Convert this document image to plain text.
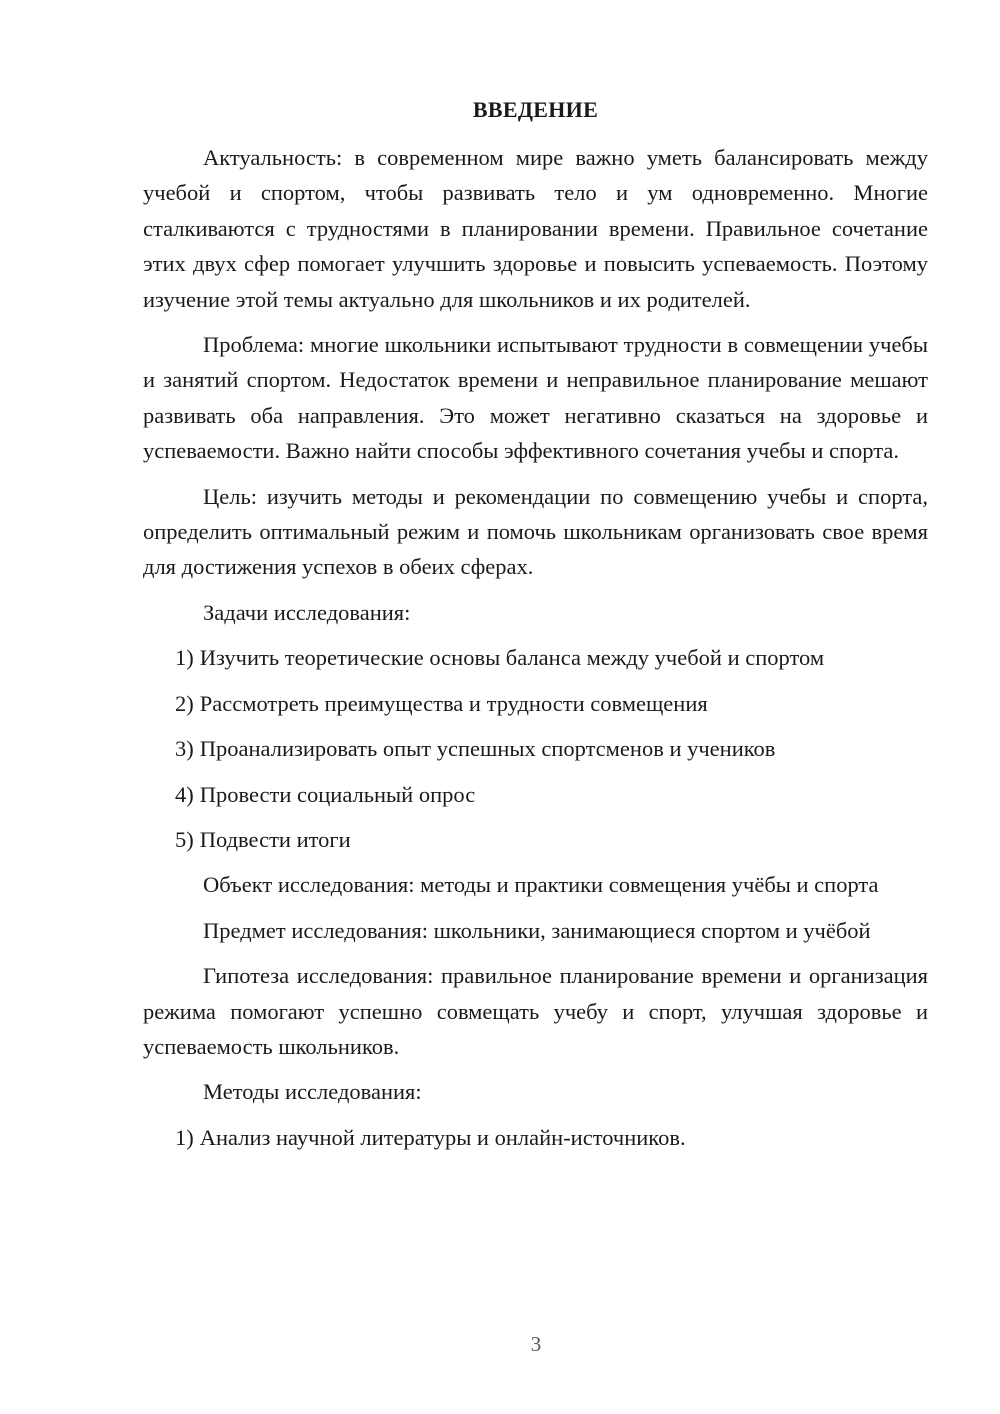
ВВЕДЕНИЕ

Актуальность: в современном мире важно уметь балансировать между учебой и спортом, чтобы развивать тело и ум одновременно. Многие сталкиваются с трудностями в планировании времени. Правильное сочетание этих двух сфер помогает улучшить здоровье и повысить успеваемость. Поэтому изучение этой темы актуально для школьников и их родителей.

Проблема: многие школьники испытывают трудности в совмещении учебы и занятий спортом. Недостаток времени и неправильное планирование мешают развивать оба направления. Это может негативно сказаться на здоровье и успеваемости. Важно найти способы эффективного сочетания учебы и спорта.

Цель: изучить методы и рекомендации по совмещению учебы и спорта, определить оптимальный режим и помочь школьникам организовать свое время для достижения успехов в обеих сферах.

Задачи исследования:
1) Изучить теоретические основы баланса между учебой и спортом
2) Рассмотреть преимущества и трудности совмещения
3) Проанализировать опыт успешных спортсменов и учеников
4) Провести социальный опрос
5) Подвести итоги

Объект исследования: методы и практики совмещения учёбы и спорта

Предмет исследования: школьники, занимающиеся спортом и учёбой

Гипотеза исследования: правильное планирование времени и организация режима помогают успешно совмещать учебу и спорт, улучшая здоровье и успеваемость школьников.

Методы исследования:
1) Анализ научной литературы и онлайн-источников.
3
